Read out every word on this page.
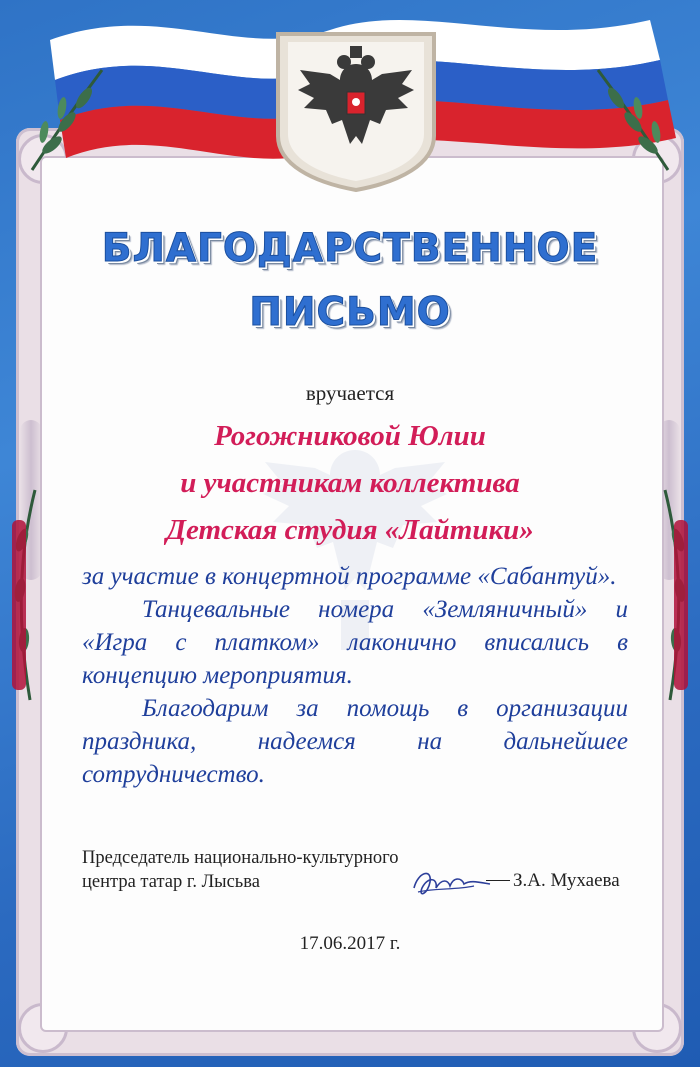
БЛАГОДАРСТВЕННОЕ
ПИСЬМО
вручается
Рогожниковой Юлии
и участникам коллектива
Детская студия «Лайтики»

за участие в концертной программе «Сабантуй».

Танцевальные номера «Земляничный» и «Игра с платком» лаконично вписались в концепцию мероприятия.

Благодарим за помощь в организации праздника, надеемся на дальнейшее сотрудничество.

Председатель национально-культурного
центра татар г. Лысьва	З.А. Мухаева
17.06.2017 г.
